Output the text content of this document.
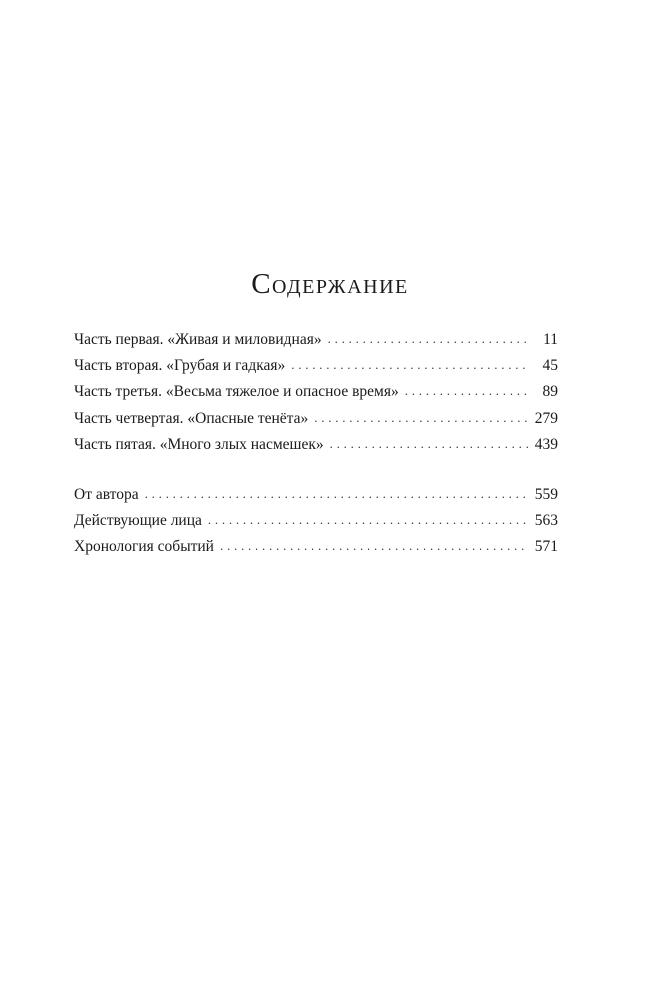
Содержание
Часть первая. «Живая и миловидная» . . .	11
Часть вторая. «Грубая и гадкая» . . .	45
Часть третья. «Весьма тяжелое и опасное время» . . .	89
Часть четвертая. «Опасные тенёта» . . .	279
Часть пятая. «Много злых насмешек» . . .	439
От автора . . .	559
Действующие лица . . .	563
Хронология событий . . .	571
